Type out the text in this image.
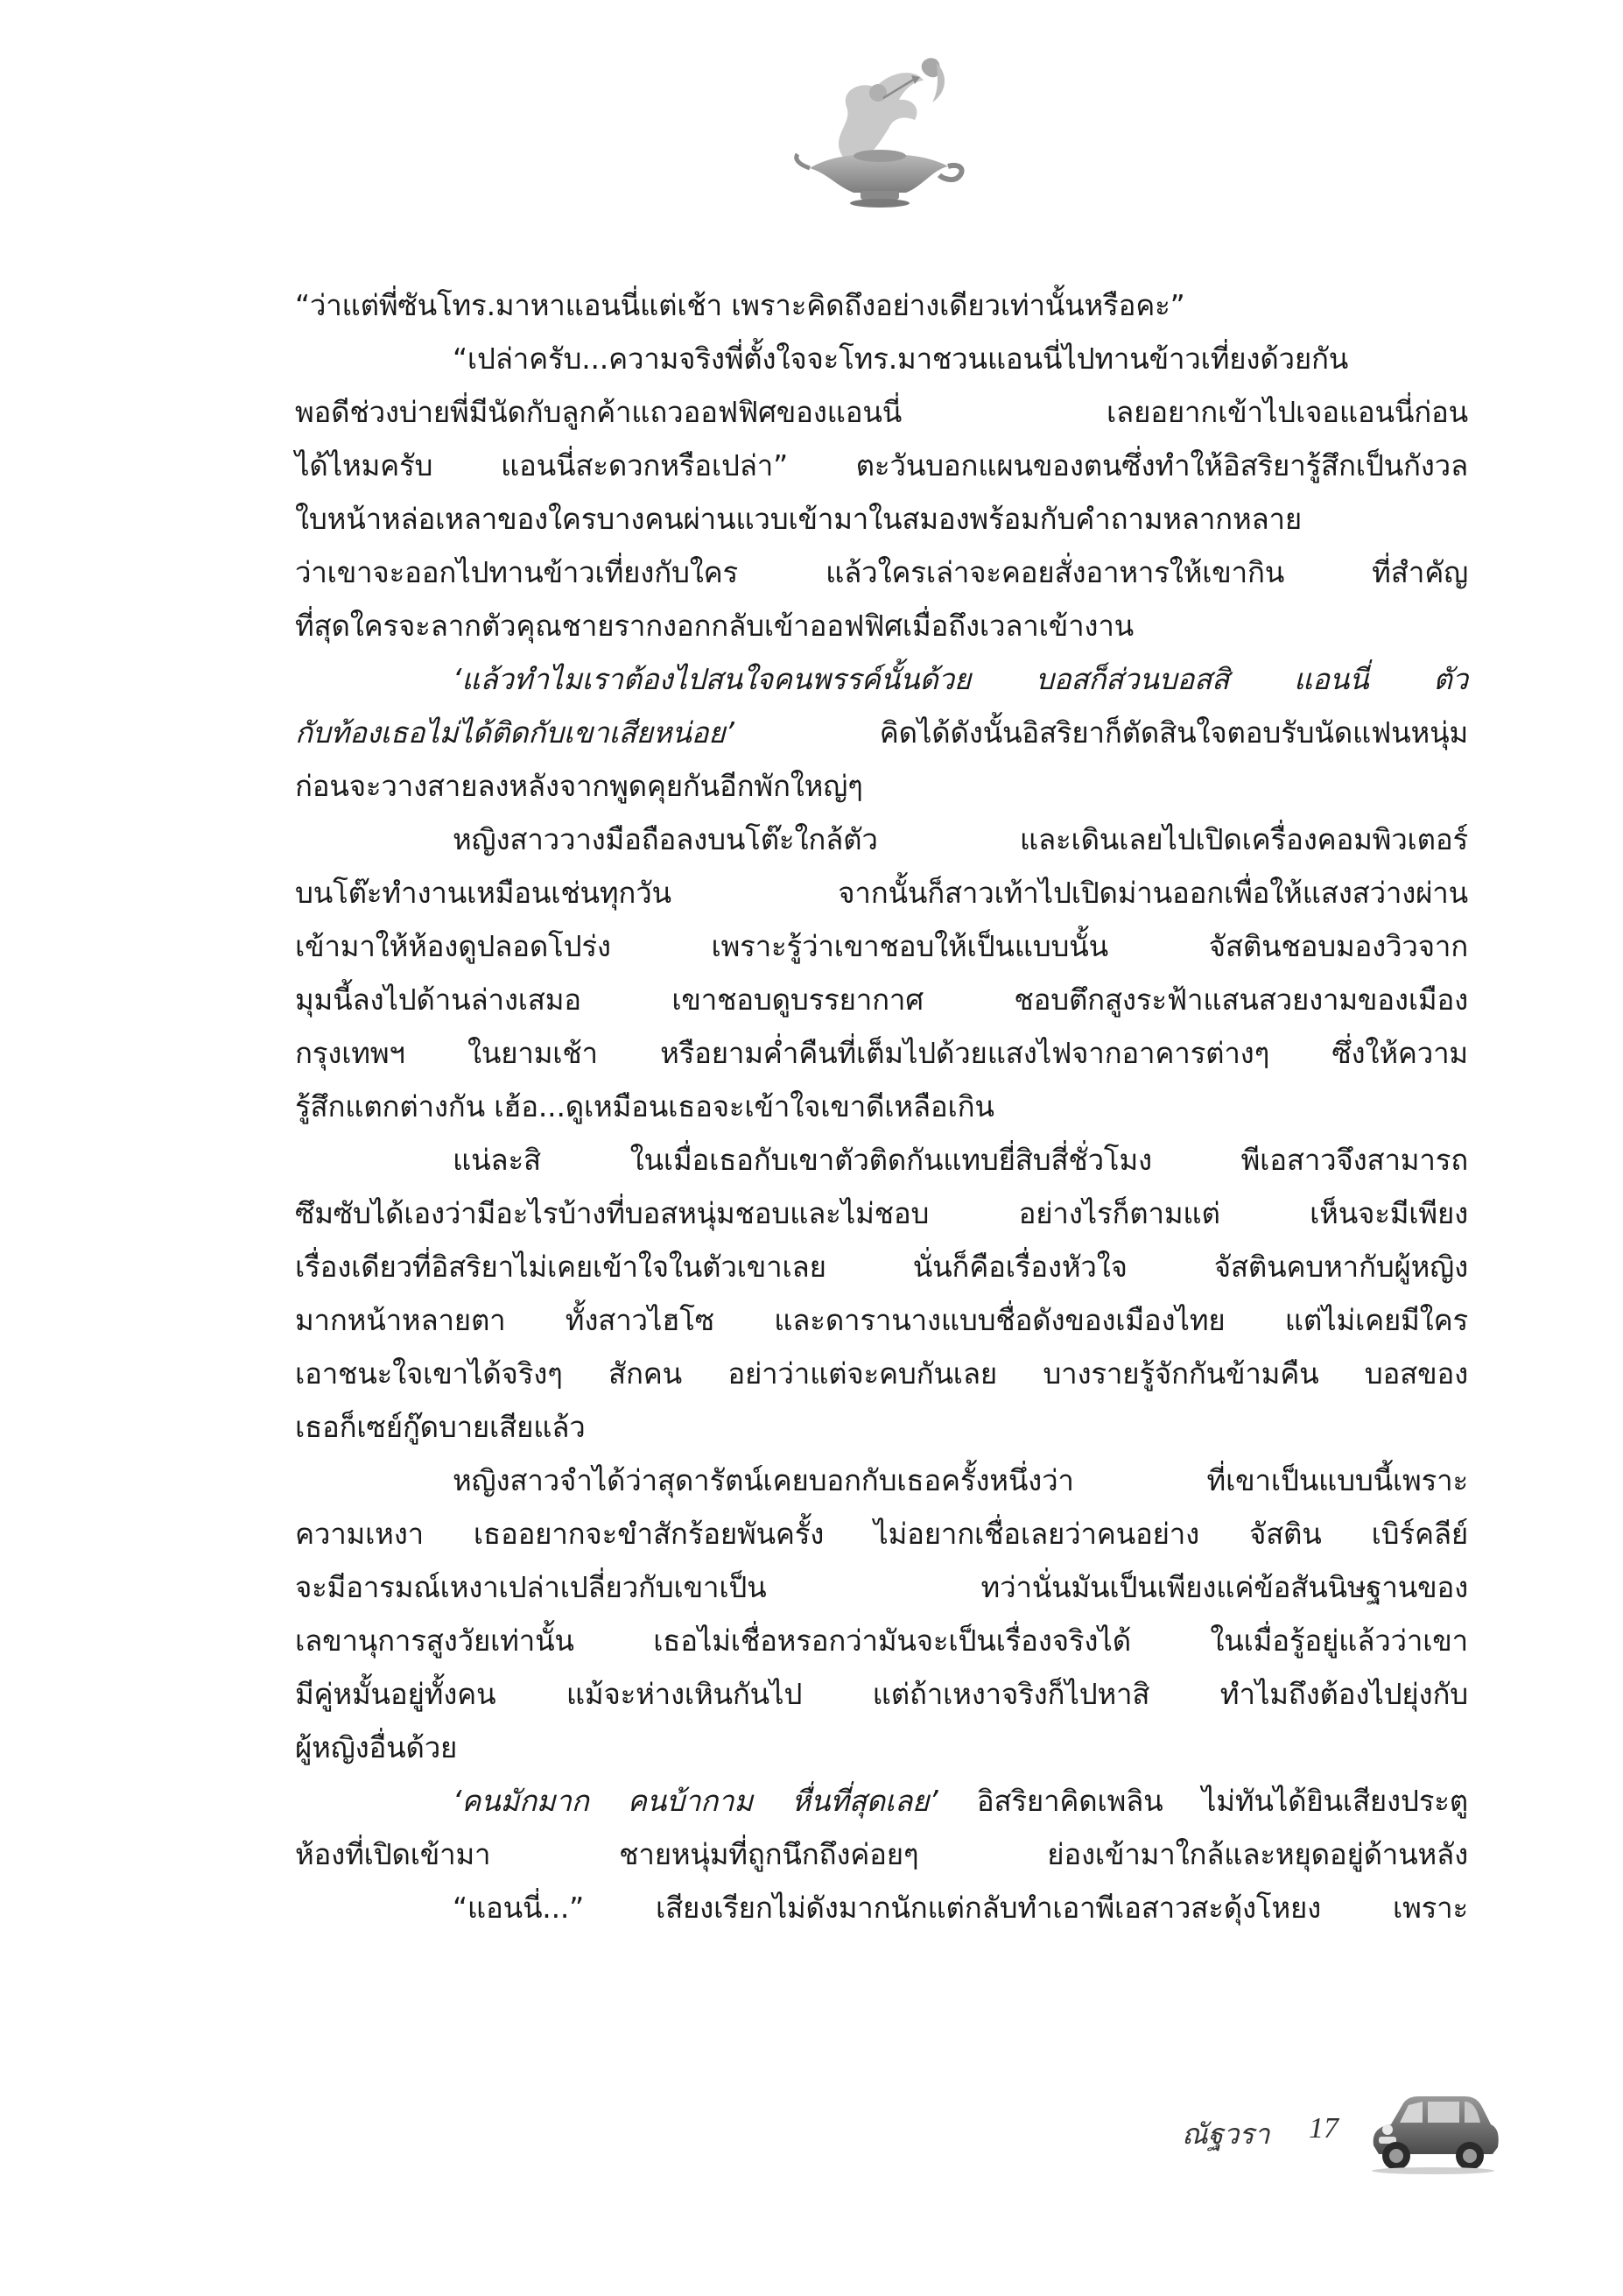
“ว่าแต่พี่ซันโทร.มาหาแอนนี่แต่เช้า เพราะคิดถึงอย่างเดียวเท่านั้นหรือคะ”
“เปล่าครับ...ความจริงพี่ตั้งใจจะโทร.มาชวนแอนนี่ไปทานข้าวเที่ยงด้วยกัน
พอดีช่วงบ่ายพี่มีนัดกับลูกค้าแถวออฟฟิศของแอนนี่ เลยอยากเข้าไปเจอแอนนี่ก่อน
ได้ไหมครับ แอนนี่สะดวกหรือเปล่า” ตะวันบอกแผนของตนซึ่งทำให้อิสริยารู้สึกเป็นกังวล
ใบหน้าหล่อเหลาของใครบางคนผ่านแวบเข้ามาในสมองพร้อมกับคำถามหลากหลาย
ว่าเขาจะออกไปทานข้าวเที่ยงกับใคร แล้วใครเล่าจะคอยสั่งอาหารให้เขากิน ที่สำคัญ
ที่สุดใครจะลากตัวคุณชายรากงอกกลับเข้าออฟฟิศเมื่อถึงเวลาเข้างาน
‘แล้วทำไมเราต้องไปสนใจคนพรรค์นั้นด้วย บอสก็ส่วนบอสสิ แอนนี่ ตัว
กับท้องเธอไม่ได้ติดกับเขาเสียหน่อย’ คิดได้ดังนั้นอิสริยาก็ตัดสินใจตอบรับนัดแฟนหนุ่ม
ก่อนจะวางสายลงหลังจากพูดคุยกันอีกพักใหญ่ๆ
หญิงสาววางมือถือลงบนโต๊ะใกล้ตัว และเดินเลยไปเปิดเครื่องคอมพิวเตอร์
บนโต๊ะทำงานเหมือนเช่นทุกวัน จากนั้นก็สาวเท้าไปเปิดม่านออกเพื่อให้แสงสว่างผ่าน
เข้ามาให้ห้องดูปลอดโปร่ง เพราะรู้ว่าเขาชอบให้เป็นแบบนั้น จัสตินชอบมองวิวจาก
มุมนี้ลงไปด้านล่างเสมอ เขาชอบดูบรรยากาศ ชอบตึกสูงระฟ้าแสนสวยงามของเมือง
กรุงเทพฯ ในยามเช้า หรือยามค่ำคืนที่เต็มไปด้วยแสงไฟจากอาคารต่างๆ ซึ่งให้ความ
รู้สึกแตกต่างกัน เฮ้อ...ดูเหมือนเธอจะเข้าใจเขาดีเหลือเกิน
แน่ละสิ ในเมื่อเธอกับเขาตัวติดกันแทบยี่สิบสี่ชั่วโมง พีเอสาวจึงสามารถ
ซึมซับได้เองว่ามีอะไรบ้างที่บอสหนุ่มชอบและไม่ชอบ อย่างไรก็ตามแต่ เห็นจะมีเพียง
เรื่องเดียวที่อิสริยาไม่เคยเข้าใจในตัวเขาเลย นั่นก็คือเรื่องหัวใจ จัสตินคบหากับผู้หญิง
มากหน้าหลายตา ทั้งสาวไฮโซ และดารานางแบบชื่อดังของเมืองไทย แต่ไม่เคยมีใคร
เอาชนะใจเขาได้จริงๆ สักคน อย่าว่าแต่จะคบกันเลย บางรายรู้จักกันข้ามคืน บอสของ
เธอก็เซย์กู๊ดบายเสียแล้ว
หญิงสาวจำได้ว่าสุดารัตน์เคยบอกกับเธอครั้งหนึ่งว่า ที่เขาเป็นแบบนี้เพราะ
ความเหงา เธออยากจะขำสักร้อยพันครั้ง ไม่อยากเชื่อเลยว่าคนอย่าง จัสติน เบิร์คลีย์
จะมีอารมณ์เหงาเปล่าเปลี่ยวกับเขาเป็น ทว่านั่นมันเป็นเพียงแค่ข้อสันนิษฐานของ
เลขานุการสูงวัยเท่านั้น เธอไม่เชื่อหรอกว่ามันจะเป็นเรื่องจริงได้ ในเมื่อรู้อยู่แล้วว่าเขา
มีคู่หมั้นอยู่ทั้งคน แม้จะห่างเหินกันไป แต่ถ้าเหงาจริงก็ไปหาสิ ทำไมถึงต้องไปยุ่งกับ
ผู้หญิงอื่นด้วย
‘คนมักมาก คนบ้ากาม หื่นที่สุดเลย’ อิสริยาคิดเพลิน ไม่ทันได้ยินเสียงประตู
ห้องที่เปิดเข้ามา ชายหนุ่มที่ถูกนึกถึงค่อยๆ ย่องเข้ามาใกล้และหยุดอยู่ด้านหลัง
“แอนนี่...” เสียงเรียกไม่ดังมากนักแต่กลับทำเอาพีเอสาวสะดุ้งโหยง เพราะ
ณัฐวรา 17
